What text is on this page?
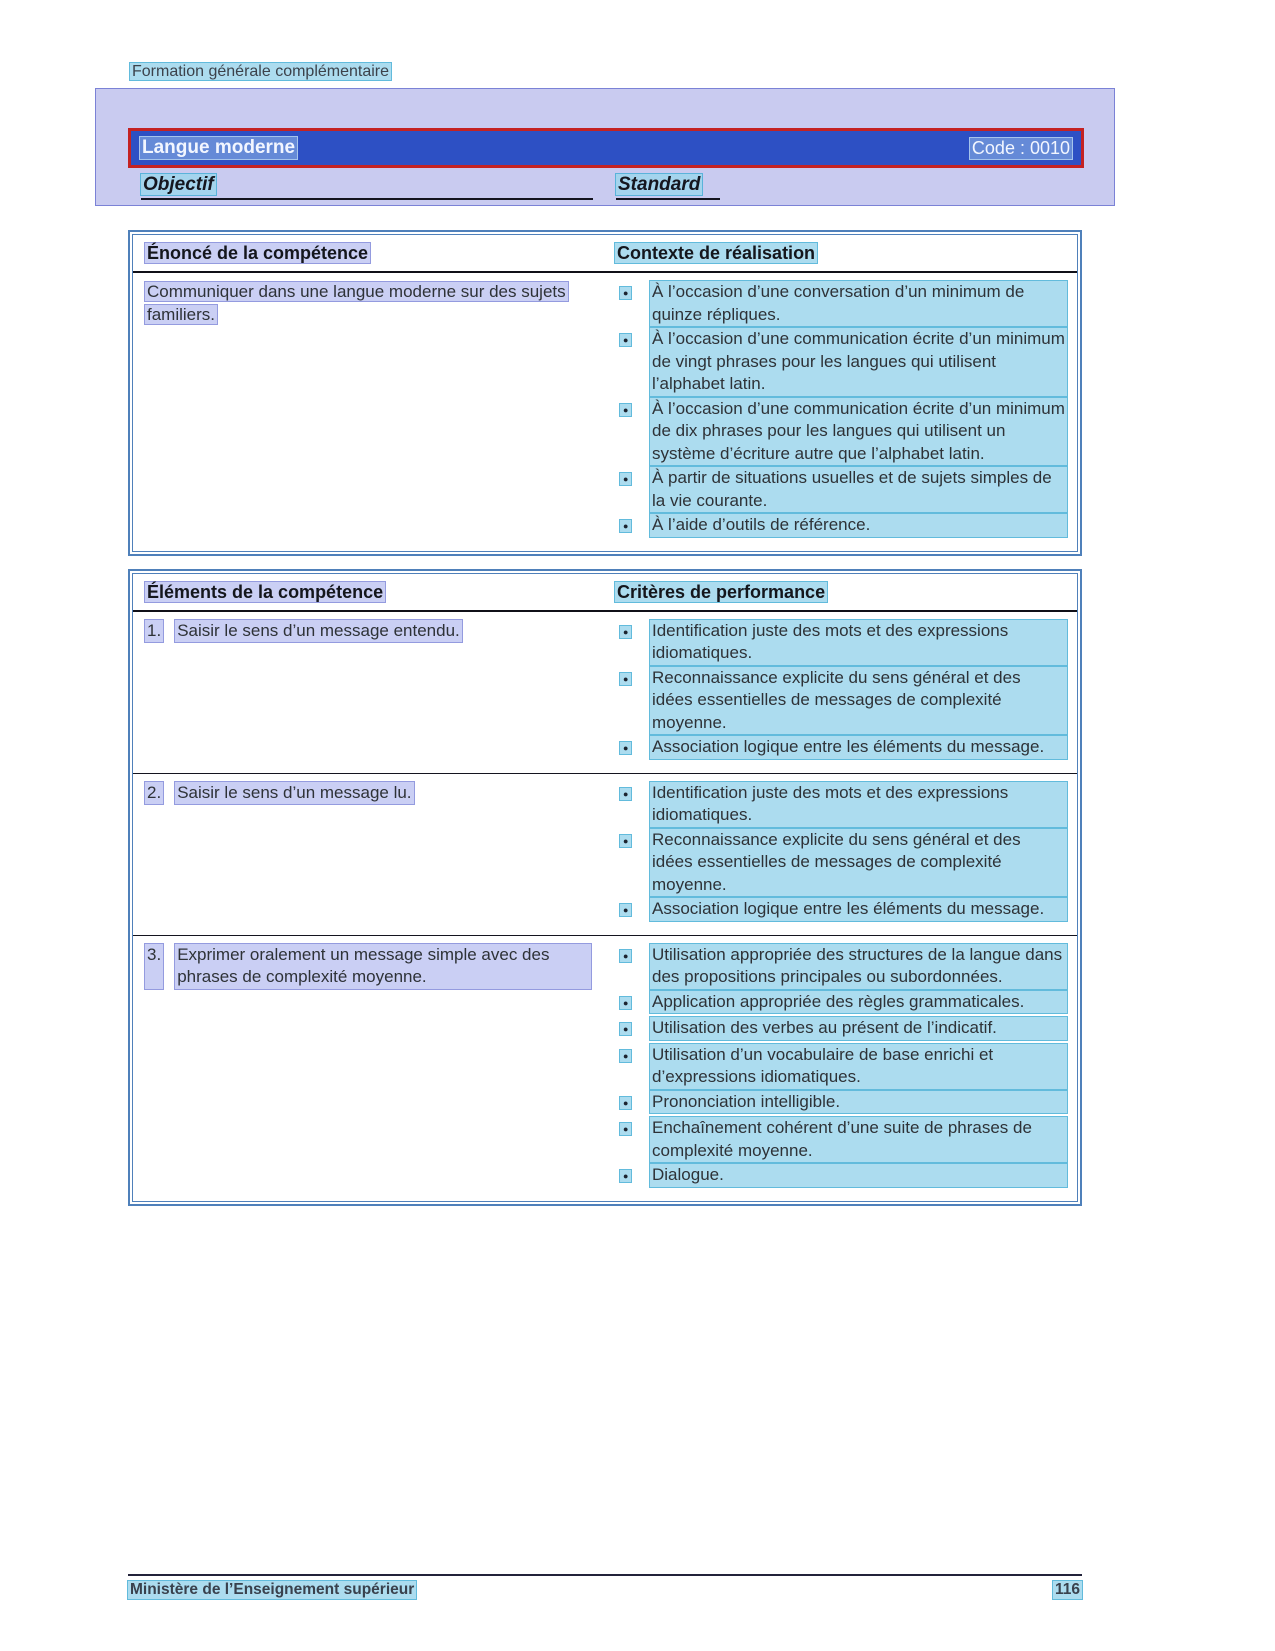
Formation générale complémentaire
Langue moderne	Code : 0010
Objectif	Standard
Énoncé de la compétence	Contexte de réalisation
Communiquer dans une langue moderne sur des sujets familiers.
●	À l’occasion d’une conversation d’un minimum de quinze répliques.
●	À l’occasion d’une communication écrite d’un minimum de vingt phrases pour les langues qui utilisent l’alphabet latin.
●	À l’occasion d’une communication écrite d’un minimum de dix phrases pour les langues qui utilisent un système d’écriture autre que l’alphabet latin.
●	À partir de situations usuelles et de sujets simples de la vie courante.
●	À l’aide d’outils de référence.
Éléments de la compétence	Critères de performance
1. Saisir le sens d’un message entendu.	●	Identification juste des mots et des expressions idiomatiques.
●	Reconnaissance explicite du sens général et des idées essentielles de messages de complexité moyenne.
●	Association logique entre les éléments du message.
2. Saisir le sens d’un message lu.	●	Identification juste des mots et des expressions idiomatiques.
●	Reconnaissance explicite du sens général et des idées essentielles de messages de complexité moyenne.
●	Association logique entre les éléments du message.
3. Exprimer oralement un message simple avec des phrases de complexité moyenne.
●	Utilisation appropriée des structures de la langue dans des propositions principales ou subordonnées.
●	Application appropriée des règles grammaticales.
●	Utilisation des verbes au présent de l’indicatif.
●	Utilisation d’un vocabulaire de base enrichi et d’expressions idiomatiques.
●	Prononciation intelligible.
●	Enchaînement cohérent d’une suite de phrases de complexité moyenne.
●	Dialogue.
Ministère de l’Enseignement supérieur	116
